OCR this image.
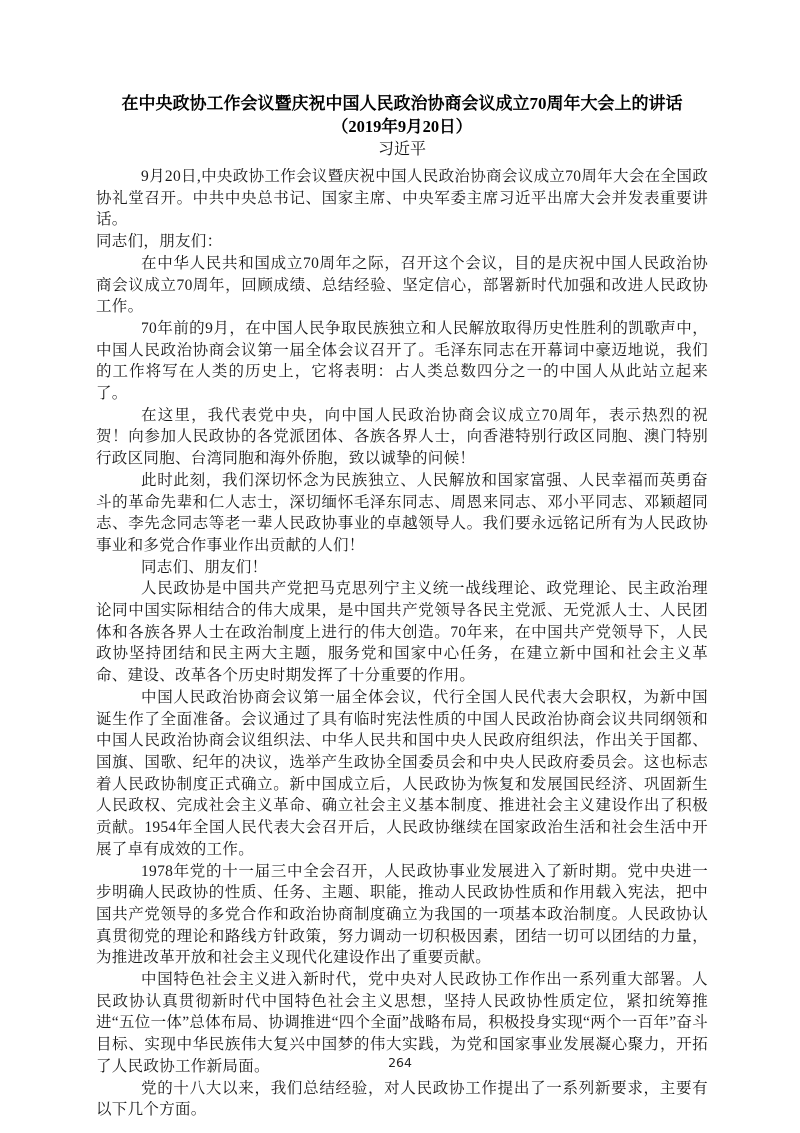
在中央政协工作会议暨庆祝中国人民政治协商会议成立70周年大会上的讲话
（2019年9月20日）
习近平

9月20日,中央政协工作会议暨庆祝中国人民政治协商会议成立70周年大会在全国政协礼堂召开。中共中央总书记、国家主席、中央军委主席习近平出席大会并发表重要讲话。

同志们，朋友们：

在中华人民共和国成立70周年之际，召开这个会议，目的是庆祝中国人民政治协商会议成立70周年，回顾成绩、总结经验、坚定信心，部署新时代加强和改进人民政协工作。

70年前的9月，在中国人民争取民族独立和人民解放取得历史性胜利的凯歌声中，中国人民政治协商会议第一届全体会议召开了。毛泽东同志在开幕词中豪迈地说，我们的工作将写在人类的历史上，它将表明：占人类总数四分之一的中国人从此站立起来了。

在这里，我代表党中央，向中国人民政治协商会议成立70周年，表示热烈的祝贺！向参加人民政协的各党派团体、各族各界人士，向香港特别行政区同胞、澳门特别行政区同胞、台湾同胞和海外侨胞，致以诚挚的问候！

此时此刻，我们深切怀念为民族独立、人民解放和国家富强、人民幸福而英勇奋斗的革命先辈和仁人志士，深切缅怀毛泽东同志、周恩来同志、邓小平同志、邓颖超同志、李先念同志等老一辈人民政协事业的卓越领导人。我们要永远铭记所有为人民政协事业和多党合作事业作出贡献的人们！

同志们、朋友们！

人民政协是中国共产党把马克思列宁主义统一战线理论、政党理论、民主政治理论同中国实际相结合的伟大成果，是中国共产党领导各民主党派、无党派人士、人民团体和各族各界人士在政治制度上进行的伟大创造。70年来，在中国共产党领导下，人民政协坚持团结和民主两大主题，服务党和国家中心任务，在建立新中国和社会主义革命、建设、改革各个历史时期发挥了十分重要的作用。

中国人民政治协商会议第一届全体会议，代行全国人民代表大会职权，为新中国诞生作了全面准备。会议通过了具有临时宪法性质的中国人民政治协商会议共同纲领和中国人民政治协商会议组织法、中华人民共和国中央人民政府组织法，作出关于国都、国旗、国歌、纪年的决议，选举产生政协全国委员会和中央人民政府委员会。这也标志着人民政协制度正式确立。新中国成立后，人民政协为恢复和发展国民经济、巩固新生人民政权、完成社会主义革命、确立社会主义基本制度、推进社会主义建设作出了积极贡献。1954年全国人民代表大会召开后，人民政协继续在国家政治生活和社会生活中开展了卓有成效的工作。

1978年党的十一届三中全会召开，人民政协事业发展进入了新时期。党中央进一步明确人民政协的性质、任务、主题、职能，推动人民政协性质和作用载入宪法，把中国共产党领导的多党合作和政治协商制度确立为我国的一项基本政治制度。人民政协认真贯彻党的理论和路线方针政策，努力调动一切积极因素，团结一切可以团结的力量，为推进改革开放和社会主义现代化建设作出了重要贡献。

中国特色社会主义进入新时代，党中央对人民政协工作作出一系列重大部署。人民政协认真贯彻新时代中国特色社会主义思想，坚持人民政协性质定位，紧扣统筹推进“五位一体”总体布局、协调推进“四个全面”战略布局，积极投身实现“两个一百年”奋斗目标、实现中华民族伟大复兴中国梦的伟大实践，为党和国家事业发展凝心聚力，开拓了人民政协工作新局面。

党的十八大以来，我们总结经验，对人民政协工作提出了一系列新要求，主要有以下几个方面。

264
